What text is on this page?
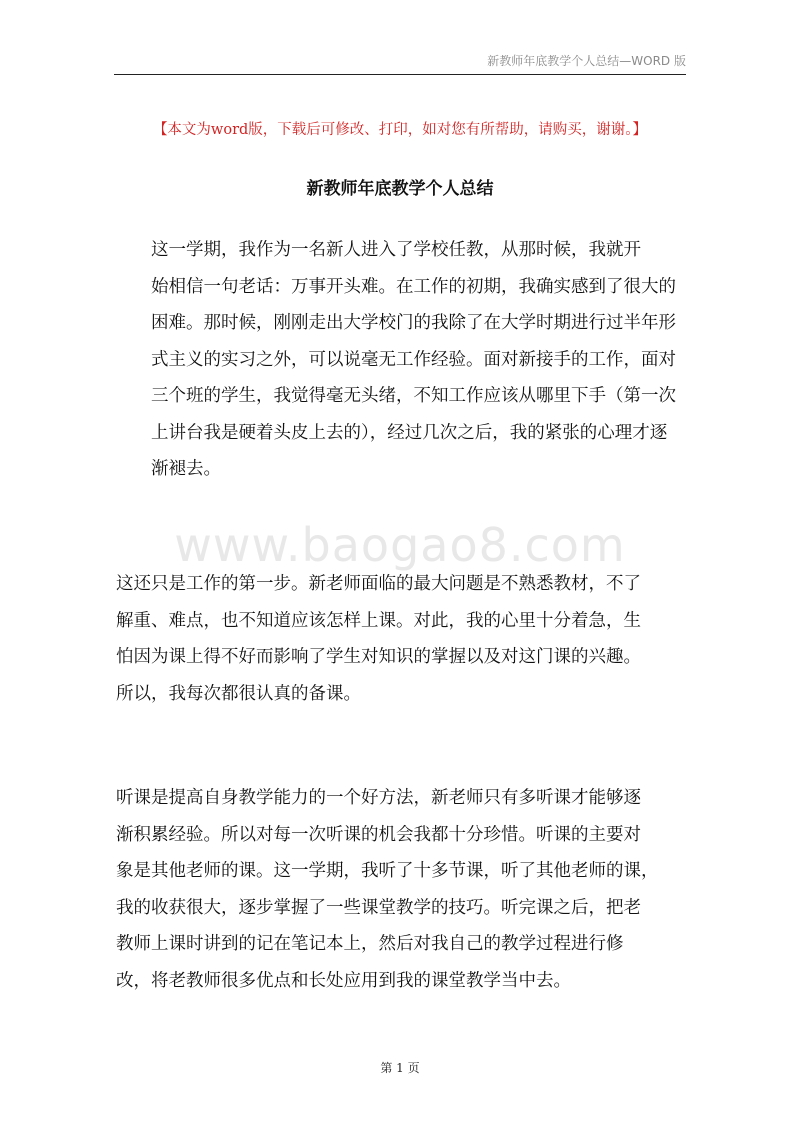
新教师年底教学个人总结—WORD 版
【本文为word版，下载后可修改、打印，如对您有所帮助，请购买，谢谢。】
新教师年底教学个人总结
www.baogao8.com

这一学期，我作为一名新人进入了学校任教，从那时候，我就开
始相信一句老话：万事开头难。在工作的初期，我确实感到了很大的
困难。那时候，刚刚走出大学校门的我除了在大学时期进行过半年形
式主义的实习之外，可以说毫无工作经验。面对新接手的工作，面对
三个班的学生，我觉得毫无头绪，不知工作应该从哪里下手（第一次
上讲台我是硬着头皮上去的），经过几次之后，我的紧张的心理才逐
渐褪去。

这还只是工作的第一步。新老师面临的最大问题是不熟悉教材，不了
解重、难点，也不知道应该怎样上课。对此，我的心里十分着急，生
怕因为课上得不好而影响了学生对知识的掌握以及对这门课的兴趣。
所以，我每次都很认真的备课。

听课是提高自身教学能力的一个好方法，新老师只有多听课才能够逐
渐积累经验。所以对每一次听课的机会我都十分珍惜。听课的主要对
象是其他老师的课。这一学期，我听了十多节课，听了其他老师的课，
我的收获很大，逐步掌握了一些课堂教学的技巧。听完课之后，把老
教师上课时讲到的记在笔记本上，然后对我自己的教学过程进行修
改，将老教师很多优点和长处应用到我的课堂教学当中去。

第 1 页
